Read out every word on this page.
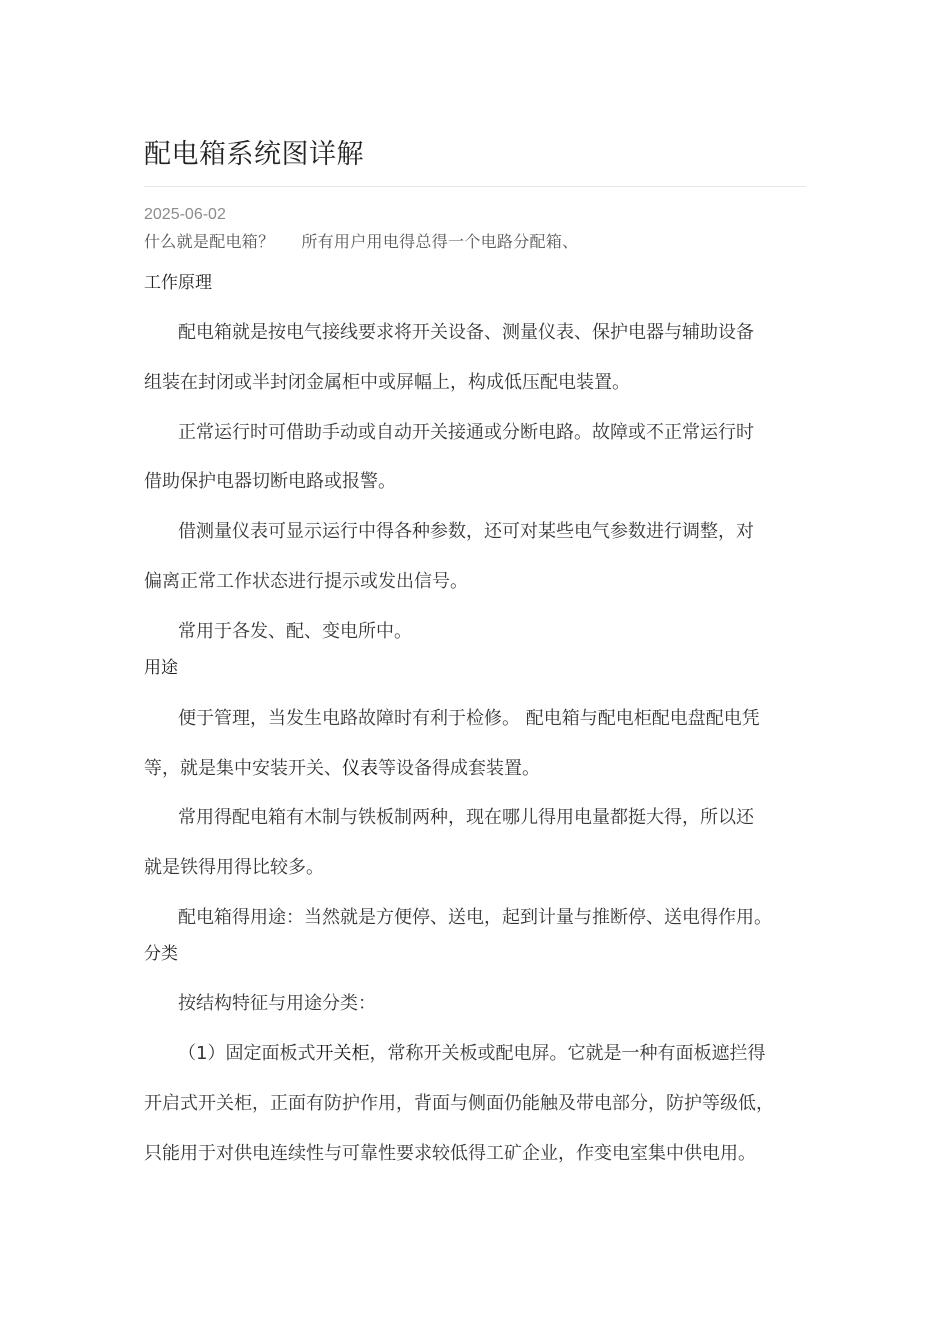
配电箱系统图详解
2025-06-02
什么就是配电箱？     所有用户用电得总得一个电路分配箱、
工作原理
配电箱就是按电气接线要求将开关设备、测量仪表、保护电器与辅助设备
组装在封闭或半封闭金属柜中或屏幅上，构成低压配电装置。
正常运行时可借助手动或自动开关接通或分断电路。故障或不正常运行时
借助保护电器切断电路或报警。
借测量仪表可显示运行中得各种参数，还可对某些电气参数进行调整，对
偏离正常工作状态进行提示或发出信号。
常用于各发、配、变电所中。
用途
便于管理，当发生电路故障时有利于检修。 配电箱与配电柜配电盘配电凭
等，就是集中安装开关、仪表等设备得成套装置。
常用得配电箱有木制与铁板制两种，现在哪儿得用电量都挺大得，所以还
就是铁得用得比较多。
配电箱得用途：当然就是方便停、送电，起到计量与推断停、送电得作用。
分类
按结构特征与用途分类：
（1）固定面板式开关柜，常称开关板或配电屏。它就是一种有面板遮拦得
开启式开关柜，正面有防护作用，背面与侧面仍能触及带电部分，防护等级低，
只能用于对供电连续性与可靠性要求较低得工矿企业，作变电室集中供电用。
